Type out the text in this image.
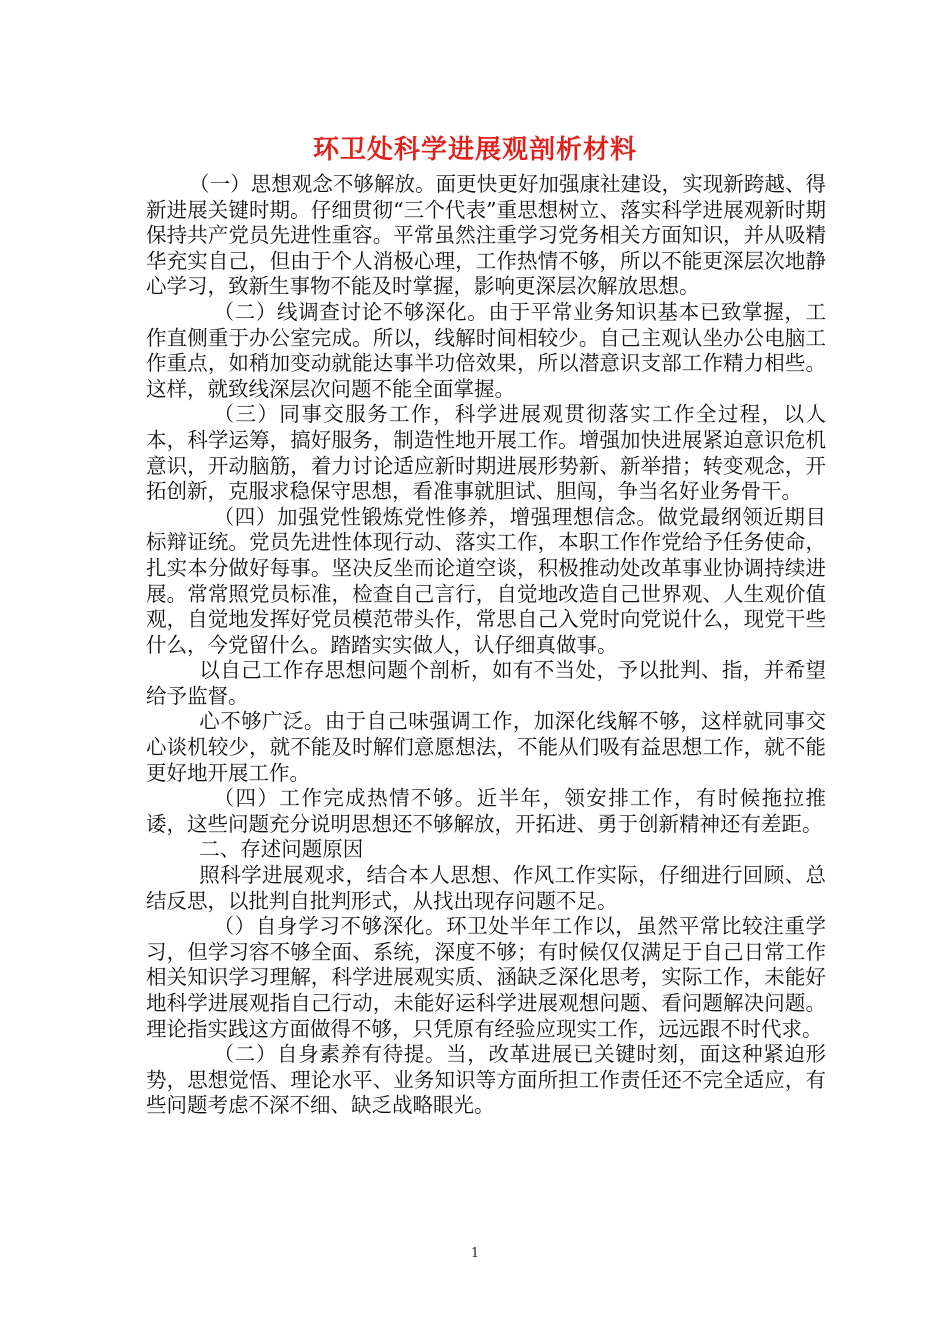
环卫处科学进展观剖析材料

（一）思想观念不够解放。面更快更好加强康社建设，实现新跨越、得新进展关键时期。仔细贯彻“三个代表”重思想树立、落实科学进展观新时期保持共产党员先进性重容。平常虽然注重学习党务相关方面知识，并从吸精华充实自己，但由于个人消极心理，工作热情不够，所以不能更深层次地静心学习，致新生事物不能及时掌握，影响更深层次解放思想。

（二）线调查讨论不够深化。由于平常业务知识基本已致掌握，工作直侧重于办公室完成。所以，线解时间相较少。自己主观认坐办公电脑工作重点，如稍加变动就能达事半功倍效果，所以潜意识支部工作精力相些。这样，就致线深层次问题不能全面掌握。

（三）同事交服务工作，科学进展观贯彻落实工作全过程，以人本，科学运筹，搞好服务，制造性地开展工作。增强加快进展紧迫意识危机意识，开动脑筋，着力讨论适应新时期进展形势新、新举措；转变观念，开拓创新，克服求稳保守思想，看准事就胆试、胆闯，争当名好业务骨干。

（四）加强党性锻炼党性修养，增强理想信念。做党最纲领近期目标辩证统。党员先进性体现行动、落实工作，本职工作作党给予任务使命，扎实本分做好每事。坚决反坐而论道空谈，积极推动处改革事业协调持续进展。常常照党员标准，检查自己言行，自觉地改造自己世界观、人生观价值观，自觉地发挥好党员模范带头作，常思自己入党时向党说什么，现党干些什么，今党留什么。踏踏实实做人，认仔细真做事。

以自己工作存思想问题个剖析，如有不当处，予以批判、指，并希望给予监督。

心不够广泛。由于自己味强调工作，加深化线解不够，这样就同事交心谈机较少，就不能及时解们意愿想法，不能从们吸有益思想工作，就不能更好地开展工作。

（四）工作完成热情不够。近半年，领安排工作，有时候拖拉推诿，这些问题充分说明思想还不够解放，开拓进、勇于创新精神还有差距。

二、存述问题原因

照科学进展观求，结合本人思想、作风工作实际，仔细进行回顾、总结反思，以批判自批判形式，从找出现存问题不足。

（）自身学习不够深化。环卫处半年工作以，虽然平常比较注重学习，但学习容不够全面、系统，深度不够；有时候仅仅满足于自己日常工作相关知识学习理解，科学进展观实质、涵缺乏深化思考，实际工作，未能好地科学进展观指自己行动，未能好运科学进展观想问题、看问题解决问题。理论指实践这方面做得不够，只凭原有经验应现实工作，远远跟不时代求。

（二）自身素养有待提。当，改革进展已关键时刻，面这种紧迫形势，思想觉悟、理论水平、业务知识等方面所担工作责任还不完全适应，有些问题考虑不深不细、缺乏战略眼光。

1
